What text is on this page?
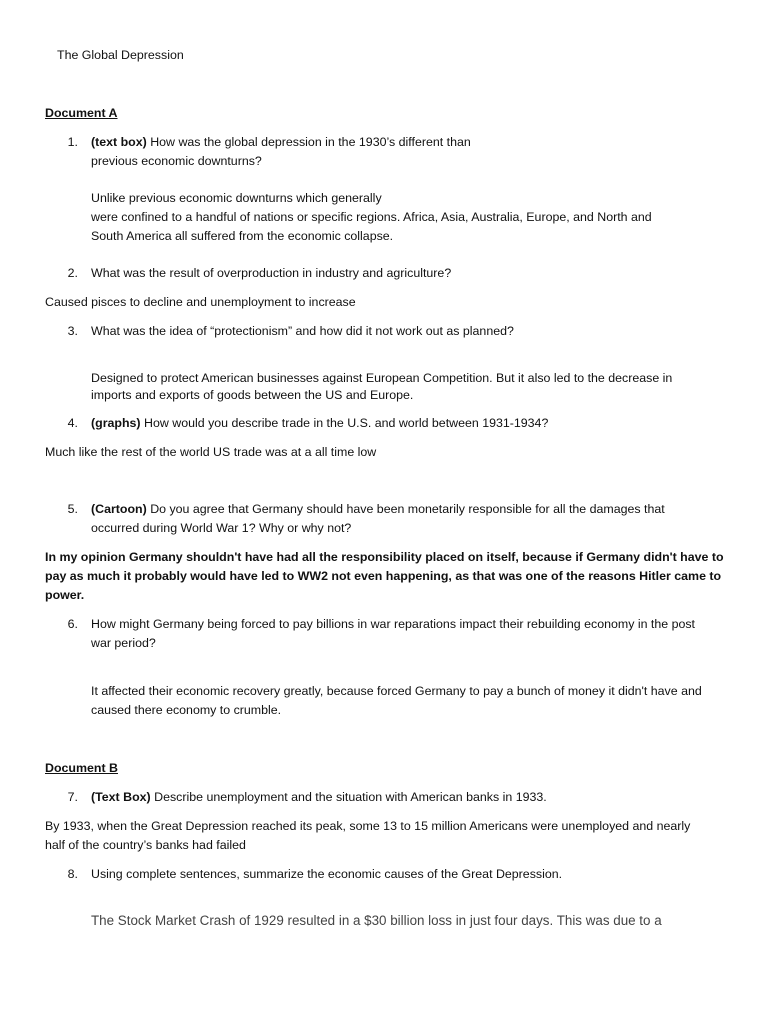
The Global Depression
Document A
1. (text box) How was the global depression in the 1930’s different than
previous economic downturns?
Unlike previous economic downturns which generally
were confined to a handful of nations or specific regions. Africa, Asia, Australia, Europe, and North and
South America all suffered from the economic collapse.
2. What was the result of overproduction in industry and agriculture?
Caused pisces to decline and unemployment to increase
3. What was the idea of “protectionism” and how did it not work out as planned?
Designed to protect American businesses against European Competition. But it also led to the decrease in
imports and exports of goods between the US and Europe.
4. (graphs) How would you describe trade in the U.S. and world between 1931-1934?
Much like the rest of the world US trade was at a all time low
5. (Cartoon) Do you agree that Germany should have been monetarily responsible for all the damages that
occurred during World War 1? Why or why not?
In my opinion Germany shouldn't have had all the responsibility placed on itself, because if Germany didn't have to
pay as much it probably would have led to WW2 not even happening, as that was one of the reasons Hitler came to
power.
6. How might Germany being forced to pay billions in war reparations impact their rebuilding economy in the post
war period?
It affected their economic recovery greatly, because forced Germany to pay a bunch of money it didn't have and
caused there economy to crumble.
Document B
7. (Text Box) Describe unemployment and the situation with American banks in 1933.
By 1933, when the Great Depression reached its peak, some 13 to 15 million Americans were unemployed and nearly
half of the country’s banks had failed
8. Using complete sentences, summarize the economic causes of the Great Depression.
The Stock Market Crash of 1929 resulted in a $30 billion loss in just four days. This was due to a
